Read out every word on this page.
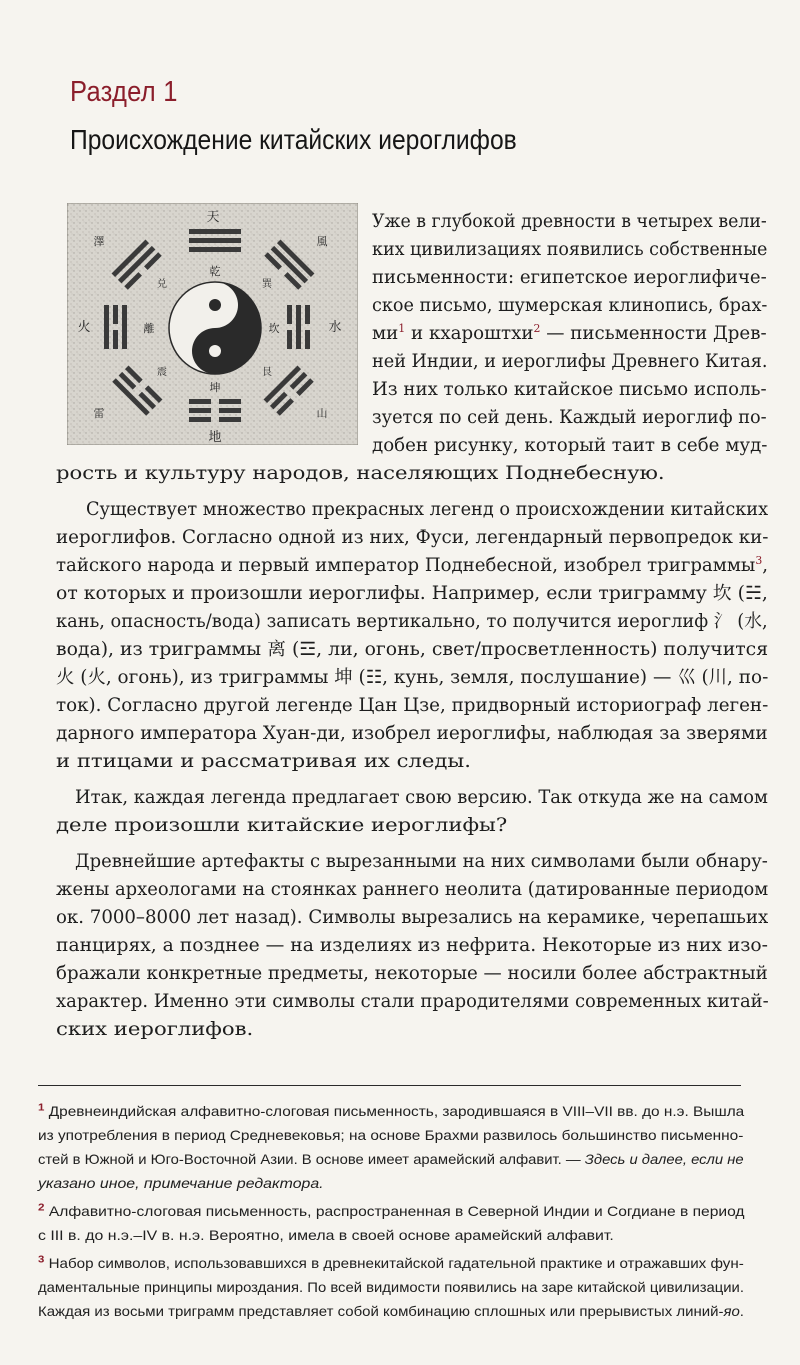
Раздел 1
Происхождение китайских иероглифов
天
地
火	水
離	坎
乾
坤
兑	巽
震	艮
風
山
澤
雷
Уже в глубокой древности в четырех вели-
ких цивилизациях появились собственные
письменности: египетское иероглифиче-
ское письмо, шумерская клинопись, брах-
$ми^1$ и кхароштхи$^2$ — письменности Древ-
ней Индии, и иероглифы Древнего Китая.
Из них только китайское письмо исполь-
зуется по сей день. Каждый иероглиф по-
добен рисунку, который таит в себе муд-
рость и культуру народов, населяющих Поднебесную.
Существует множество прекрасных легенд о происхождении китайских
иероглифов. Согласно одной из них, Фуси, легендарный первопредок ки-
тайского народа и первый император Поднебесной, изобрел триграммы$^3$,
от которых и произошли иероглифы. Например, если триграмму 坎 (☵,
кань, опасность/вода) записать вертикально, то получится иероглиф 氵 (水,
вода), из триграммы 离 (☲, ли, огонь, свет/просветленность) получится
火 (火, огонь), из триграммы 坤 (☷, кунь, земля, послушание) — 巛 (川, по-
ток). Согласно другой легенде Цан Цзе, придворный историограф леген-
дарного императора Хуан-ди, изобрел иероглифы, наблюдая за зверями
и птицами и рассматривая их следы.
Итак, каждая легенда предлагает свою версию. Так откуда же на самом
деле произошли китайские иероглифы?
Древнейшие артефакты с вырезанными на них символами были обнару-
жены археологами на стоянках раннего неолита (датированные периодом
ок. 7000–8000 лет назад). Символы вырезались на керамике, черепашьих
панцирях, а позднее — на изделиях из нефрита. Некоторые из них изо-
бражали конкретные предметы, некоторые — носили более абстрактный
характер. Именно эти символы стали прародителями современных китай-
ских иероглифов.
$^1$ Древнеиндийская алфавитно-слоговая письменность, зародившаяся в VIII–VII вв. до н.э. Вышла
из употребления в период Средневековья; на основе Брахми развилось большинство письменно-
стей в Южной и Юго-Восточной Азии. В основе имеет арамейский алфавит. — Здесь и далее, если не
указано иное, примечание редактора.
$^2$ Алфавитно-слоговая письменность, распространенная в Северной Индии и Согдиане в период
с III в. до н.э.–IV в. н.э. Вероятно, имела в своей основе арамейский алфавит.
$^3$ Набор символов, использовавшихся в древнекитайской гадательной практике и отражавших фун-
даментальные принципы мироздания. По всей видимости появились на заре китайской цивилизации.
Каждая из восьми триграмм представляет собой комбинацию сплошных или прерывистых линий-яо.
